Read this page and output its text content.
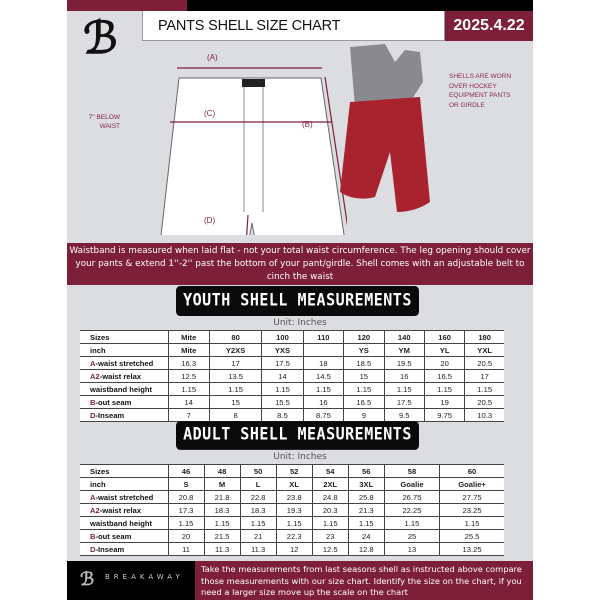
ℬ	PANTS SHELL SIZE CHART	2025.4.22
(A)
(C)
(B)
(D)
7'' BELOW
WAIST
SHELLS ARE WORN OVER HOCKEY EQUIPMENT PANTS OR GIRDLE
Waistband is measured when laid flat - not your total waist circumference. The leg opening should cover your pants & extend 1''-2'' past the bottom of your pant/girdle. Shell comes with an adjustable belt to cinch the waist
YOUTH SHELL MEASUREMENTS
Unit: Inches
Sizes	Mite	80	100	110	120	140	160	180
inch	Mite	Y2XS	YXS		YS	YM	YL	YXL
A-waist stretched	16.3	17	17.5	18	18.5	19.5	20	20.5
A2-waist relax	12.5	13.5	14	14.5	15	16	16.5	17
waistband height	1.15	1.15	1.15	1.15	1.15	1.15	1.15	1.15
B-out seam	14	15	15.5	16	16.5	17.5	19	20.5
D-Inseam	7	8	8.5	8.75	9	9.5	9.75	10.3
ADULT SHELL MEASUREMENTS
Unit: Inches
Sizes	46	48	50	52	54	56	58	60
inch	S	M	L	XL	2XL	3XL	Goalie	Goalie+
A-waist stretched	20.8	21.8	22.8	23.8	24.8	25.8	26.75	27.75
A2-waist relax	17.3	18.3	18.3	19.3	20.3	21.3	22.25	23.25
waistband height	1.15	1.15	1.15	1.15	1.15	1.15	1.15	1.15
B-out seam	20	21.5	21	22.3	23	24	25	25.5
D-Inseam	11	11.3	11.3	12	12.5	12.8	13	13.25
ℬ BREAKAWAY
Take the measurements from last seasons shell as instructed above compare those measurements with our size chart. Identify the size on the chart, if you need a larger size move up the scale on the chart
